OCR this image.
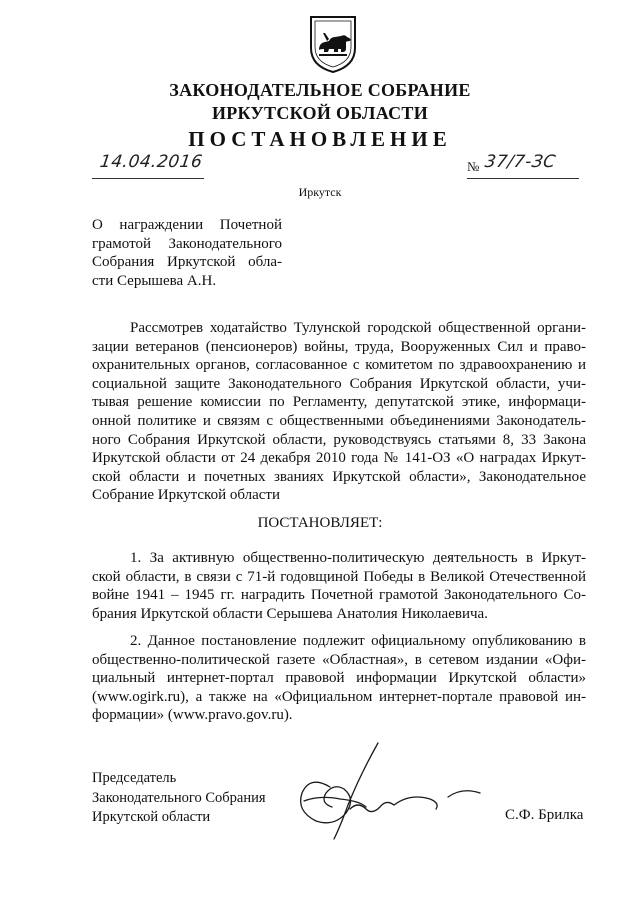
ЗАКОНОДАТЕЛЬНОЕ СОБРАНИЕ
ИРКУТСКОЙ ОБЛАСТИ
ПОСТАНОВЛЕНИЕ
14.04.2016	№ 37/7-ЗС
Иркутск
О награждении Почетной
грамотой Законодательного
Собрания Иркутской обла-
сти Серышева А.Н.
Рассмотрев ходатайство Тулунской городской общественной органи-
зации ветеранов (пенсионеров) войны, труда, Вооруженных Сил и право-
охранительных органов, согласованное с комитетом по здравоохранению и
социальной защите Законодательного Собрания Иркутской области, учи-
тывая решение комиссии по Регламенту, депутатской этике, информаци-
онной политике и связям с общественными объединениями Законодатель-
ного Собрания Иркутской области, руководствуясь статьями 8, 33 Закона
Иркутской области от 24 декабря 2010 года № 141-ОЗ «О наградах Иркут-
ской области и почетных званиях Иркутской области», Законодательное
Собрание Иркутской области
ПОСТАНОВЛЯЕТ:
1. За активную общественно-политическую деятельность в Иркут-
ской области, в связи с 71-й годовщиной Победы в Великой Отечественной
войне 1941 – 1945 гг. наградить Почетной грамотой Законодательного Со-
брания Иркутской области Серышева Анатолия Николаевича.
2. Данное постановление подлежит официальному опубликованию в
общественно-политической газете «Областная», в сетевом издании «Офи-
циальный интернет-портал правовой информации Иркутской области»
(www.ogirk.ru), а также на «Официальном интернет-портале правовой ин-
формации» (www.pravo.gov.ru).
Председатель
Законодательного Собрания
Иркутской области	С.Ф. Брилка
